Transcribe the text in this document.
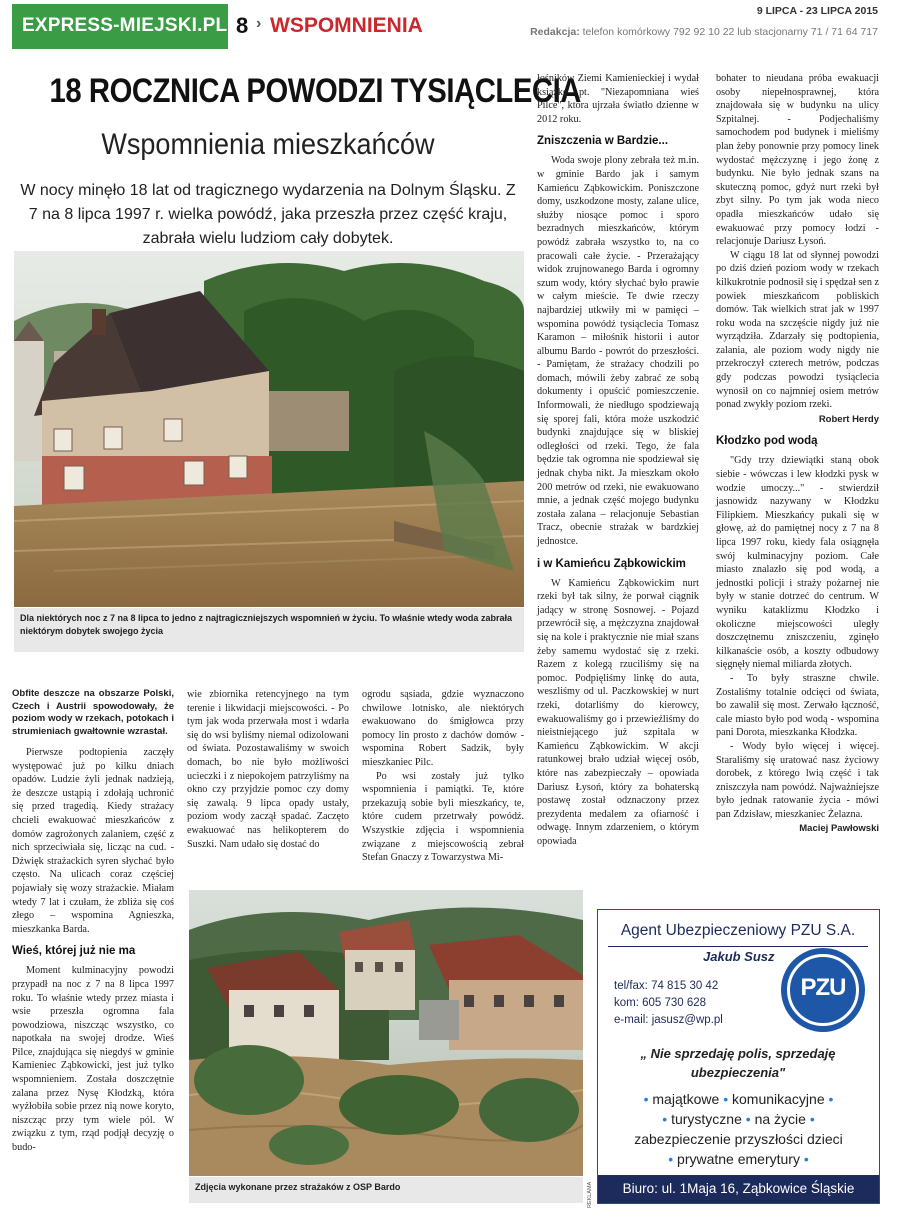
EXPRESS-MIEJSKI.PL 8 › WSPOMNIENIA
9 LIPCA - 23 LIPCA 2015
Redakcja: telefon komórkowy 792 92 10 22 lub stacjonarny 71 / 71 64 717
18 ROCZNICA POWODZI TYSIĄCLECIA
Wspomnienia mieszkańców
W nocy minęło 18 lat od tragicznego wydarzenia na Dolnym Śląsku. Z 7 na 8 lipca 1997 r. wielka powódź, jaka przeszła przez część kraju, zabrała wielu ludziom cały dobytek.
Dla niektórych noc z 7 na 8 lipca to jedno z najtragiczniejszych wspomnień w życiu. To właśnie wtedy woda zabrała niektórym dobytek swojego życia
Obfite deszcze na obszarze Polski, Czech i Austrii spowodowały, że poziom wody w rzekach, potokach i strumieniach gwałtownie wzrastał.

Pierwsze podtopienia zaczęły występować już po kilku dniach opadów. Ludzie żyli jednak nadzieją, że deszcze ustąpią i zdołają uchronić się przed tragedią. Kiedy strażacy chcieli ewakuować mieszkańców z domów zagrożonych zalaniem, część z nich sprzeciwiała się, licząc na cud. - Dźwięk strażackich syren słychać było często. Na ulicach coraz częściej pojawiały się wozy strażackie. Miałam wtedy 7 lat i czułam, że zbliża się coś złego – wspomina Agnieszka, mieszkanka Barda.

Wieś, której już nie ma

Moment kulminacyjny powodzi przypadł na noc z 7 na 8 lipca 1997 roku. To właśnie wtedy przez miasta i wsie przeszła ogromna fala powodziowa, niszcząc wszystko, co napotkała na swojej drodze. Wieś Pilce, znajdująca się niegdyś w gminie Kamieniec Ząbkowicki, jest już tylko wspomnieniem. Została doszczętnie zalana przez Nysę Kłodzką, która wyżłobiła sobie przez nią nowe koryto, niszcząc przy tym wiele pól. W związku z tym, rząd podjął decyzję o budo-

wie zbiornika retencyjnego na tym terenie i likwidacji miejscowości. - Po tym jak woda przerwała most i wdarła się do wsi byliśmy niemal odizolowani od świata. Pozostawaliśmy w swoich domach, bo nie było możliwości ucieczki i z niepokojem patrzyliśmy na okno czy przyjdzie pomoc czy domy się zawalą. 9 lipca opady ustały, poziom wody zaczął spadać. Zaczęto ewakuować nas helikopterem do Suszki. Nam udało się dostać do

ogrodu sąsiada, gdzie wyznaczono chwilowe lotnisko, ale niektórych ewakuowano do śmigłowca przy pomocy lin prosto z dachów domów - wspomina Robert Sadzik, były mieszkaniec Pilc.

Po wsi zostały już tylko wspomnienia i pamiątki. Te, które przekazują sobie byli mieszkańcy, te, które cudem przetrwały powódź. Wszystkie zdjęcia i wspomnienia związane z miejscowością zebrał Stefan Gnaczy z Towarzystwa Mi-

łośników Ziemi Kamienieckiej i wydał książkę pt. "Niezapomniana wieś Pilce", która ujrzała światło dzienne w 2012 roku.

Zniszczenia w Bardzie...

Woda swoje plony zebrała też m.in. w gminie Bardo jak i samym Kamieńcu Ząbkowickim. Poniszczone domy, uszkodzone mosty, zalane ulice, służby niosące pomoc i sporo bezradnych mieszkańców, którym powódź zabrała wszystko to, na co pracowali całe życie. - Przerażający widok zrujnowanego Barda i ogromny szum wody, który słychać było prawie w całym mieście. Te dwie rzeczy najbardziej utkwiły mi w pamięci – wspomina powódź tysiąclecia Tomasz Karamon – miłośnik historii i autor albumu Bardo - powrót do przeszłości. - Pamiętam, że strażacy chodzili po domach, mówili żeby zabrać ze sobą dokumenty i opuścić pomieszczenie. Informowali, że niedługo spodziewają się sporej fali, która może uszkodzić budynki znajdujące się w bliskiej odległości od rzeki. Tego, że fala będzie tak ogromna nie spodziewał się jednak chyba nikt. Ja mieszkam około 200 metrów od rzeki, nie ewakuowano mnie, a jednak część mojego budynku została zalana – relacjonuje Sebastian Tracz, obecnie strażak w bardzkiej jednostce.

i w Kamieńcu Ząbkowickim

W Kamieńcu Ząbkowickim nurt rzeki był tak silny, że porwał ciągnik jadący w stronę Sosnowej. - Pojazd przewrócił się, a mężczyzna znajdował się na kole i praktycznie nie miał szans żeby samemu wydostać się z rzeki. Razem z kolegą rzuciliśmy się na pomoc. Podpięliśmy linkę do auta, weszliśmy od ul. Paczkowskiej w nurt rzeki, dotarliśmy do kierowcy, ewakuowaliśmy go i przewieźliśmy do nieistniejącego już szpitala w Kamieńcu Ząbkowickim. W akcji ratunkowej brało udział więcej osób, które nas zabezpieczały – opowiada Dariusz Łysoń, który za bohaterską postawę został odznaczony przez prezydenta medalem za ofiarność i odwagę. Innym zdarzeniem, o którym opowiada

bohater to nieudana próba ewakuacji osoby niepełnosprawnej, która znajdowała się w budynku na ulicy Szpitalnej. - Podjechaliśmy samochodem pod budynek i mieliśmy plan żeby ponownie przy pomocy linek wydostać mężczyznę i jego żonę z budynku. Nie było jednak szans na skuteczną pomoc, gdyż nurt rzeki był zbyt silny. Po tym jak woda nieco opadła mieszkańców udało się ewakuować przy pomocy łodzi - relacjonuje Dariusz Łysoń.

W ciągu 18 lat od słynnej powodzi po dziś dzień poziom wody w rzekach kilkukrotnie podnosił się i spędzał sen z powiek mieszkańcom pobliskich domów. Tak wielkich strat jak w 1997 roku woda na szczęście nigdy już nie wyrządziła. Zdarzały się podtopienia, zalania, ale poziom wody nigdy nie przekroczył czterech metrów, podczas gdy podczas powodzi tysiąclecia wynosił on co najmniej osiem metrów ponad zwykły poziom rzeki.

Robert Herdy
Kłodzko pod wodą

"Gdy trzy dziewiątki staną obok siebie - wówczas i lew kłodzki pysk w wodzie umoczy..." - stwierdził jasnowidz nazywany w Kłodzku Filipkiem. Mieszkańcy pukali się w głowę, aż do pamiętnej nocy z 7 na 8 lipca 1997 roku, kiedy fala osiągnęła swój kulminacyjny poziom. Całe miasto znalazło się pod wodą, a jednostki policji i straży pożarnej nie były w stanie dotrzeć do centrum. W wyniku kataklizmu Kłodzko i okoliczne miejscowości uległy doszczętnemu zniszczeniu, zginęło kilkanaście osób, a koszty odbudowy sięgnęły niemal miliarda złotych.

- To były straszne chwile. Zostaliśmy totalnie odcięci od świata, bo zawalił się most. Zerwało łączność, cale miasto było pod wodą - wspomina pani Dorota, mieszkanka Kłodzka.

- Wody było więcej i więcej. Staraliśmy się uratować nasz życiowy dorobek, z którego lwią część i tak zniszczyła nam powódź. Najważniejsze było jednak ratowanie życia - mówi pan Zdzisław, mieszkaniec Żelazna.

Maciej Pawłowski
Zdjęcia wykonane przez strażaków z OSP Bardo	REKLAMA
Agent Ubezpieczeniowy PZU S.A.
Jakub Susz
PZU
tel/fax: 74 815 30 42
kom: 605 730 628
e-mail: jasusz@wp.pl
„ Nie sprzedaję polis, sprzedaję ubezpieczenia"
• majątkowe • komunikacyjne •
• turystyczne • na życie •
zabezpieczenie przyszłości dzieci
• prywatne emerytury •
Biuro: ul. 1Maja 16, Ząbkowice Śląskie
